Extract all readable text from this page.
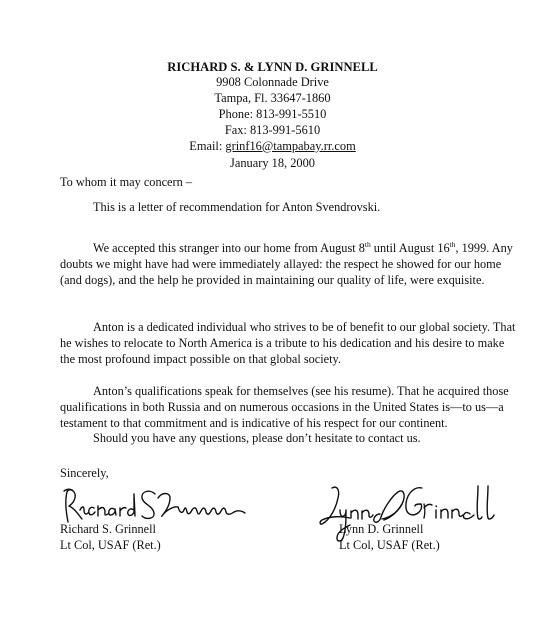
RICHARD S. & LYNN D. GRINNELL
9908 Colonnade Drive
Tampa, Fl. 33647-1860
Phone: 813-991-5510
Fax: 813-991-5610
Email: grinf16@tampabay.rr.com
January 18, 2000
To whom it may concern –

This is a letter of recommendation for Anton Svendrovski.

We accepted this stranger into our home from August 8th until August 16th, 1999. Any doubts we might have had were immediately allayed: the respect he showed for our home (and dogs), and the help he provided in maintaining our quality of life, were exquisite.

Anton is a dedicated individual who strives to be of benefit to our global society. That he wishes to relocate to North America is a tribute to his dedication and his desire to make the most profound impact possible on that global society.

Anton’s qualifications speak for themselves (see his resume). That he acquired those qualifications in both Russia and on numerous occasions in the United States is—to us—a testament to that commitment and is indicative of his respect for our continent.

Should you have any questions, please don’t hesitate to contact us.

Sincerely,
Richard S. Grinnell
Lt Col, USAF (Ret.)
Lynn D. Grinnell
Lt Col, USAF (Ret.)
